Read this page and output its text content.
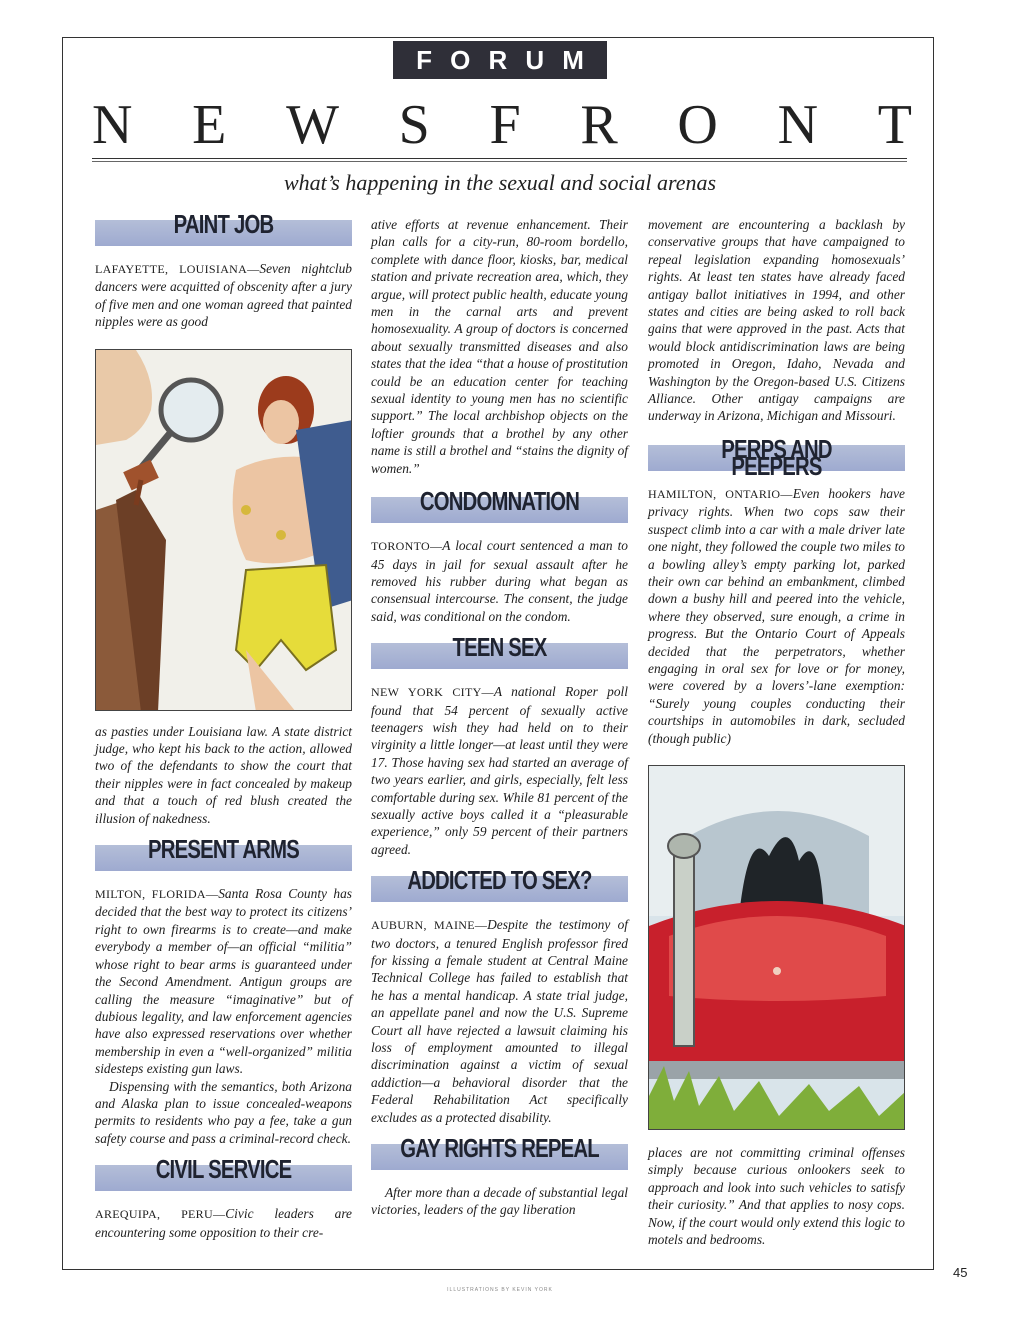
F O R U M
N E W S F R O N T
what’s happening in the sexual and social arenas
PAINT JOB

LAFAYETTE, LOUISIANA—Seven nightclub dancers were acquitted of obscenity after a jury of five men and one woman agreed that painted nipples were as good

as pasties under Louisiana law. A state district judge, who kept his back to the action, allowed two of the defendants to show the court that their nipples were in fact concealed by makeup and that a touch of red blush created the illusion of nakedness.

PRESENT ARMS

MILTON, FLORIDA—Santa Rosa County has decided that the best way to protect its citizens’ right to own firearms is to create—and make everybody a member of—an official “militia” whose right to bear arms is guaranteed under the Second Amendment. Antigun groups are calling the measure “imaginative” but of dubious legality, and law enforcement agencies have also expressed reservations over whether membership in even a “well-organized” militia sidesteps existing gun laws.

Dispensing with the semantics, both Arizona and Alaska plan to issue concealed-weapons permits to residents who pay a fee, take a gun safety course and pass a criminal-record check.

CIVIL SERVICE

AREQUIPA, PERU—Civic leaders are encountering some opposition to their cre-

ative efforts at revenue enhancement. Their plan calls for a city-run, 80-room bordello, complete with dance floor, kiosks, bar, medical station and private recreation area, which, they argue, will protect public health, educate young men in the carnal arts and prevent homosexuality. A group of doctors is concerned about sexually transmitted diseases and also states that the idea “that a house of prostitution could be an education center for teaching sexual identity to young men has no scientific support.” The local archbishop objects on the loftier grounds that a brothel by any other name is still a brothel and “stains the dignity of women.”

CONDOMNATION

TORONTO—A local court sentenced a man to 45 days in jail for sexual assault after he removed his rubber during what began as consensual intercourse. The consent, the judge said, was conditional on the condom.

TEEN SEX

NEW YORK CITY—A national Roper poll found that 54 percent of sexually active teenagers wish they had held on to their virginity a little longer—at least until they were 17. Those having sex had started an average of two years earlier, and girls, especially, felt less comfortable during sex. While 81 percent of the sexually active boys called it a “pleasurable experience,” only 59 percent of their partners agreed.

ADDICTED TO SEX?

AUBURN, MAINE—Despite the testimony of two doctors, a tenured English professor fired for kissing a female student at Central Maine Technical College has failed to establish that he has a mental handicap. A state trial judge, an appellate panel and now the U.S. Supreme Court all have rejected a lawsuit claiming his loss of employment amounted to illegal discrimination against a victim of sexual addiction—a behavioral disorder that the Federal Rehabilitation Act specifically excludes as a protected disability.

GAY RIGHTS REPEAL

After more than a decade of substantial legal victories, leaders of the gay liberation

movement are encountering a backlash by conservative groups that have campaigned to repeal legislation expanding homosexuals’ rights. At least ten states have already faced antigay ballot initiatives in 1994, and other states and cities are being asked to roll back gains that were approved in the past. Acts that would block antidiscrimination laws are being promoted in Oregon, Idaho, Nevada and Washington by the Oregon-based U.S. Citizens Alliance. Other antigay campaigns are underway in Arizona, Michigan and Missouri.

PERPS AND PEEPERS

HAMILTON, ONTARIO—Even hookers have privacy rights. When two cops saw their suspect climb into a car with a male driver late one night, they followed the couple two miles to a bowling alley’s empty parking lot, parked their own car behind an embankment, climbed down a bushy hill and peered into the vehicle, where they observed, sure enough, a crime in progress. But the Ontario Court of Appeals decided that the perpetrators, whether engaging in oral sex for love or for money, were covered by a lovers’-lane exemption: “Surely young couples conducting their courtships in automobiles in dark, secluded (though public)

places are not committing criminal offenses simply because curious onlookers seek to approach and look into such vehicles to satisfy their curiosity.” And that applies to nosy cops. Now, if the court would only extend this logic to motels and bedrooms.

45
ILLUSTRATIONS BY KEVIN YORK
